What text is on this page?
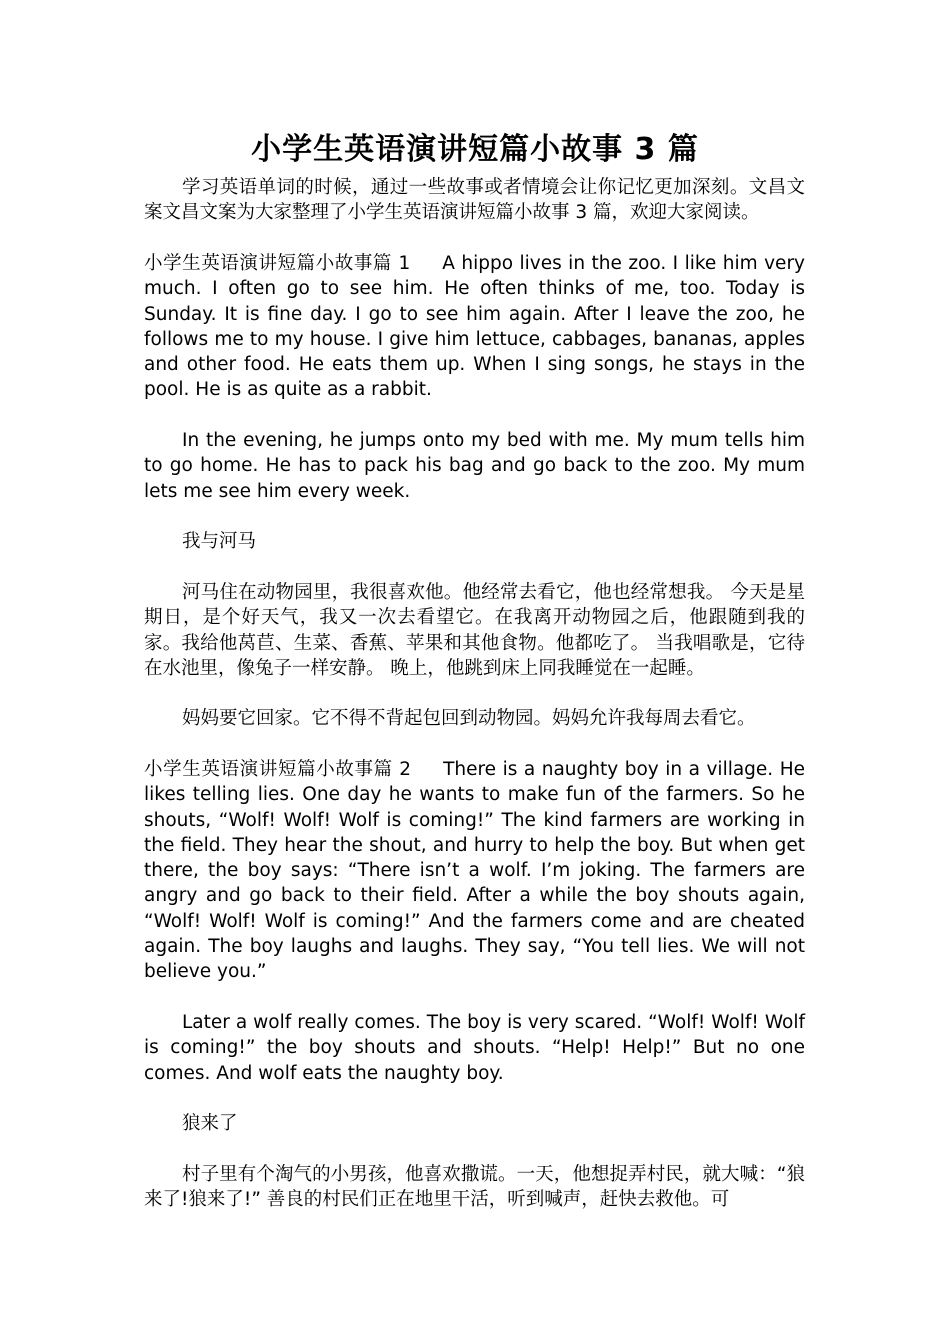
小学生英语演讲短篇小故事 3 篇
学习英语单词的时候，通过一些故事或者情境会让你记忆更加深刻。文昌文案文昌文案为大家整理了小学生英语演讲短篇小故事 3 篇，欢迎大家阅读。
小学生英语演讲短篇小故事篇 1 A hippo lives in the zoo. I like him very much. I often go to see him. He often thinks of me, too. Today is Sunday. It is fine day. I go to see him again. After I leave the zoo, he follows me to my house. I give him lettuce, cabbages, bananas, apples and other food. He eats them up. When I sing songs, he stays in the pool. He is as quite as a rabbit.
In the evening, he jumps onto my bed with me. My mum tells him to go home. He has to pack his bag and go back to the zoo. My mum lets me see him every week.
我与河马
河马住在动物园里，我很喜欢他。他经常去看它，他也经常想我。 今天是星期日，是个好天气，我又一次去看望它。在我离开动物园之后，他跟随到我的家。我给他莴苣、生菜、香蕉、苹果和其他食物。他都吃了。 当我唱歌是，它待在水池里，像兔子一样安静。 晚上，他跳到床上同我睡觉在一起睡。
妈妈要它回家。它不得不背起包回到动物园。妈妈允许我每周去看它。
小学生英语演讲短篇小故事篇 2 There is a naughty boy in a village. He likes telling lies. One day he wants to make fun of the farmers. So he shouts, “Wolf! Wolf! Wolf is coming!” The kind farmers are working in the field. They hear the shout, and hurry to help the boy. But when get there, the boy says: “There isn’t a wolf. I’m joking. The farmers are angry and go back to their field. After a while the boy shouts again, “Wolf! Wolf! Wolf is coming!” And the farmers come and are cheated again. The boy laughs and laughs. They say, “You tell lies. We will not believe you.”
Later a wolf really comes. The boy is very scared. “Wolf! Wolf! Wolf is coming!” the boy shouts and shouts. “Help! Help!” But no one comes. And wolf eats the naughty boy.
狼来了
村子里有个淘气的小男孩，他喜欢撒谎。一天，他想捉弄村民，就大喊：“狼来了!狼来了!” 善良的村民们正在地里干活，听到喊声，赶快去救他。可
